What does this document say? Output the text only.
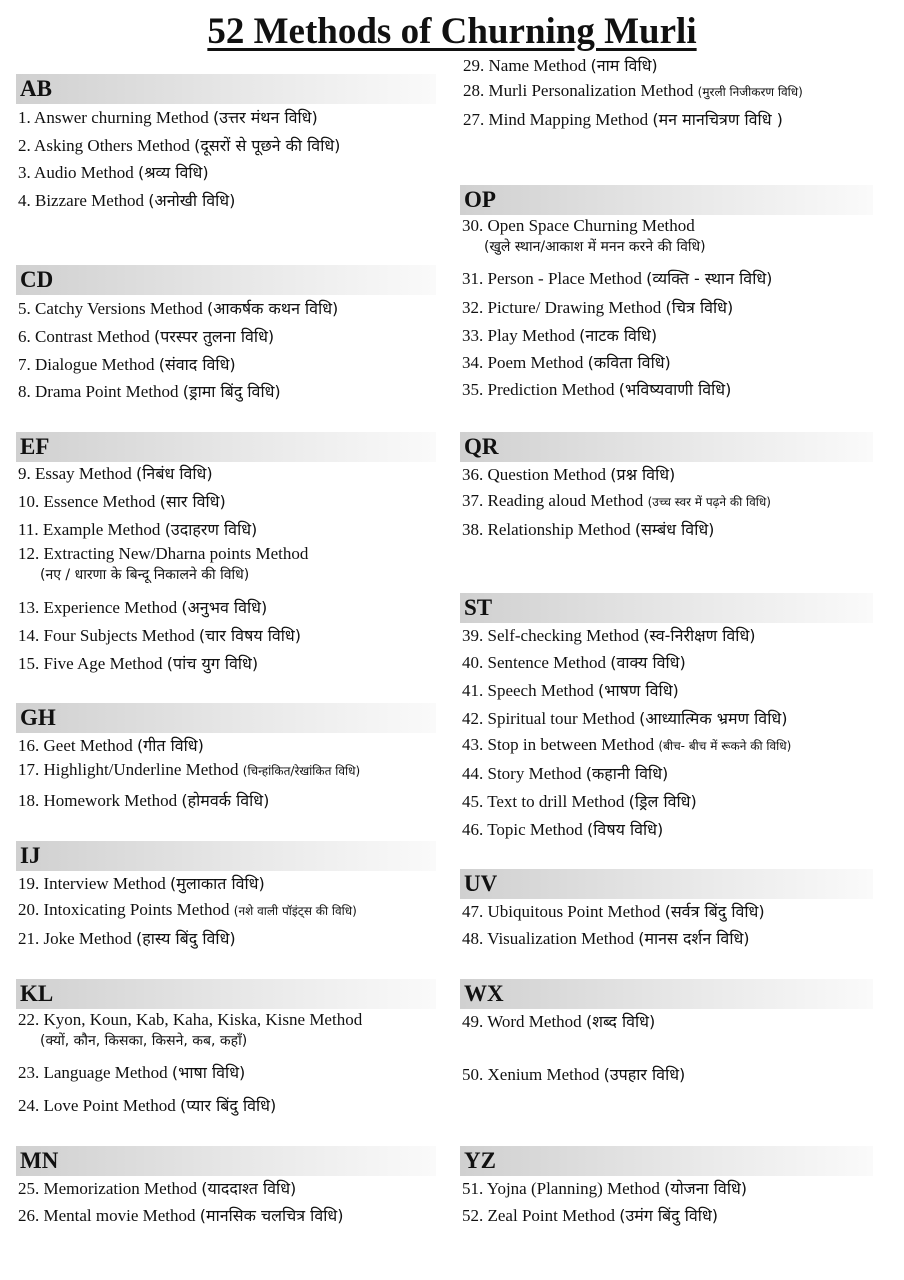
52 Methods of Churning Murli
AB
1. Answer churning Method (उत्तर मंथन विधि)
2. Asking Others Method (दूसरों से पूछने की विधि)
3. Audio Method (श्रव्य विधि)
4. Bizzare Method (अनोखी विधि)
CD
5. Catchy Versions Method (आकर्षक कथन विधि)
6. Contrast Method (परस्पर तुलना विधि)
7. Dialogue Method (संवाद विधि)
8. Drama Point Method (ड्रामा बिंदु विधि)
EF
9. Essay Method (निबंध विधि)
10. Essence Method (सार विधि)
11. Example Method (उदाहरण विधि)
12. Extracting New/Dharna points Method
(नए / धारणा के बिन्दू निकालने की विधि)
13. Experience Method (अनुभव विधि)
14. Four Subjects Method (चार विषय विधि)
15. Five Age Method (पांच युग विधि)
GH
16. Geet Method (गीत विधि)
17. Highlight/Underline Method (चिन्हांकित/रेखांकित विधि)
18. Homework Method (होमवर्क विधि)
IJ
19. Interview Method (मुलाकात विधि)
20. Intoxicating Points Method (नशे वाली पॉइंट्स की विधि)
21. Joke Method (हास्य बिंदु विधि)
KL
22. Kyon, Koun, Kab, Kaha, Kiska, Kisne Method
(क्यों, कौन, किसका, किसने, कब, कहाँ)
23. Language Method (भाषा विधि)
24. Love Point Method (प्यार बिंदु विधि)
MN
25. Memorization Method (याददाश्त विधि)
26. Mental movie Method (मानसिक चलचित्र विधि)
OP
30. Open Space Churning Method
(खुले स्थान/आकाश में मनन करने की विधि)
31. Person - Place Method (व्यक्ति - स्थान विधि)
32. Picture/ Drawing Method (चित्र विधि)
33. Play Method (नाटक विधि)
34. Poem Method (कविता विधि)
35. Prediction Method (भविष्यवाणी विधि)
QR
36. Question Method (प्रश्न विधि)
37. Reading aloud Method (उच्च स्वर में पढ़ने की विधि)
38. Relationship Method (सम्बंध विधि)
ST
39. Self-checking Method (स्व-निरीक्षण विधि)
40. Sentence Method (वाक्य विधि)
41. Speech Method (भाषण विधि)
42. Spiritual tour Method (आध्यात्मिक भ्रमण विधि)
43. Stop in between Method (बीच- बीच में रूकने की विधि)
44. Story Method (कहानी विधि)
45. Text to drill Method (ड्रिल विधि)
46. Topic Method (विषय विधि)
UV
47. Ubiquitous Point Method (सर्वत्र बिंदु विधि)
48. Visualization Method (मानस दर्शन विधि)
WX
49. Word Method (शब्द विधि)
50. Xenium Method (उपहार विधि)
YZ
51. Yojna (Planning) Method (योजना विधि)
52. Zeal Point Method (उमंग बिंदु विधि)
27. Mind Mapping Method (मन मानचित्रण विधि )
28. Murli Personalization Method (मुरली निजीकरण विधि)
29. Name Method (नाम विधि)
